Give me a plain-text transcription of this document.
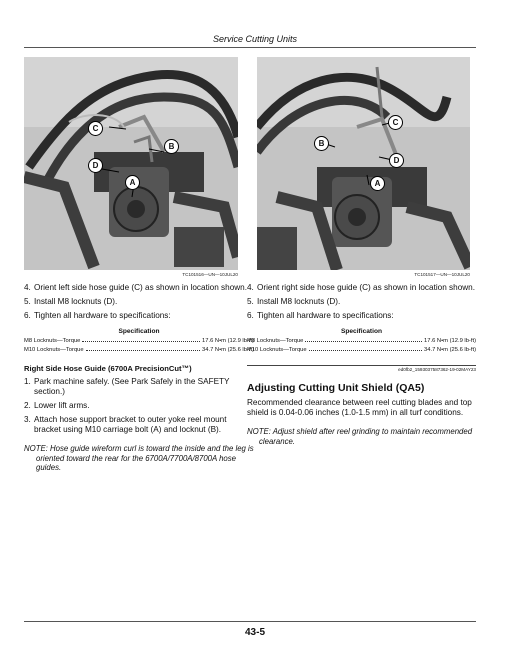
Service Cutting Units
C
B
D
A
TC101516—UN—10JUL20
4. Orient left side hose guide (C) as shown in location shown.
5. Install M8 locknuts (D).
6. Tighten all hardware to specifications:
Specification
M8 Locknuts—Torque	17.6 N•m (12.9 lb-ft)
M10 Locknuts—Torque	34.7 N•m (25.6 lb-ft)
Right Side Hose Guide (6700A PrecisionCut™)
1. Park machine safely. (See Park Safely in the SAFETY section.)
2. Lower lift arms.
3. Attach hose support bracket to outer yoke reel mount bracket using M10 carriage bolt (A) and locknut (B).
NOTE: Hose guide wireform curl is toward the inside and the leg is oriented toward the rear for the 6700A/7700A/8700A hose guides.
C
B
D
A
TC101517—UN—10JUL20
4. Orient right side hose guide (C) as shown in location shown.
5. Install M8 locknuts (D).
6. Tighten all hardware to specifications:
Specification
M8 Locknuts—Torque	17.6 N•m (12.9 lb-ft)
M10 Locknuts—Torque	34.7 N•m (25.6 lb-ft)
ed0fb2_1593037587362-19-02MAY23
Adjusting Cutting Unit Shield (QA5)
Recommended clearance between reel cutting blades and top shield is 0.04-0.06 inches (1.0-1.5 mm) in all turf conditions.
NOTE: Adjust shield after reel grinding to maintain recommended clearance.
43-5
